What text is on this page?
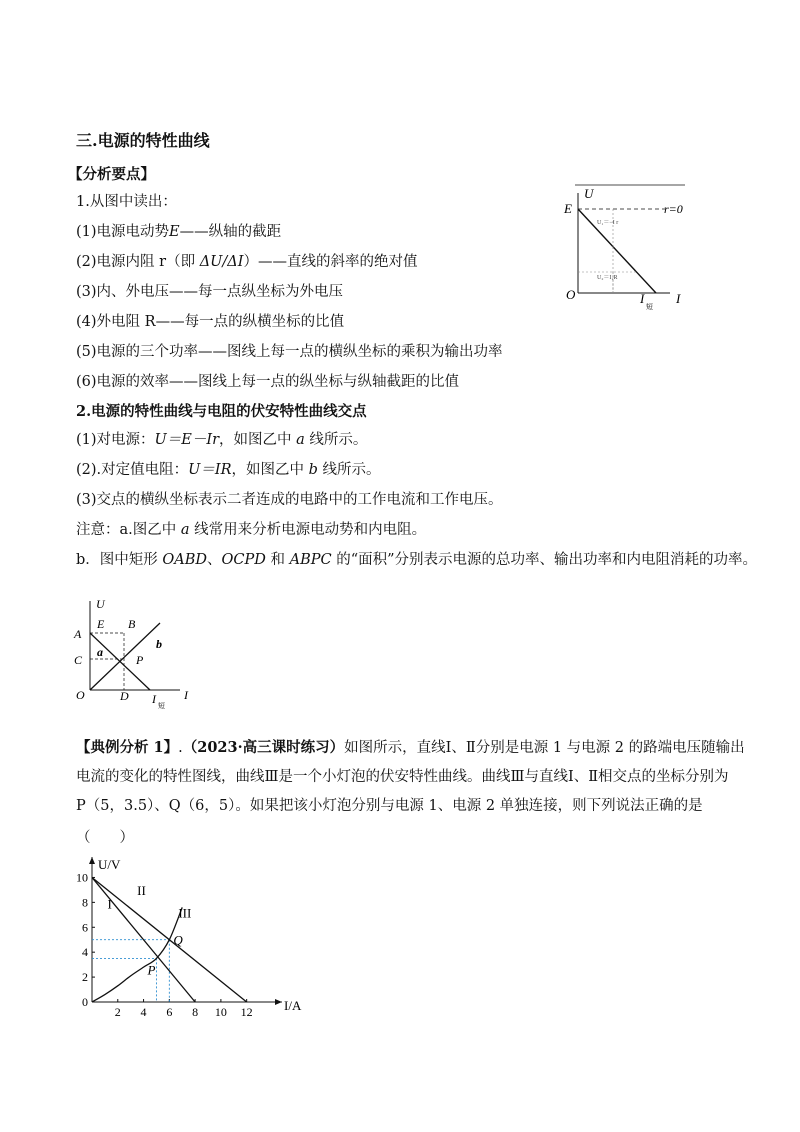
三.电源的特性曲线
【分析要点】
1.从图中读出：
(1)电源电动势E——纵轴的截距
(2)电源内阻 r（即 ΔU/ΔI）——直线的斜率的绝对值
(3)内、外电压——每一点纵坐标为外电压
(4)外电阻 R——每一点的纵横坐标的比值
(5)电源的三个功率——图线上每一点的横纵坐标的乘积为输出功率
(6)电源的效率——图线上每一点的纵坐标与纵轴截距的比值
U
E	r=0
U₁＝−I r
U₂＝I₁R
O	I
短
I
2.电源的特性曲线与电阻的伏安特性曲线交点
(1)对电源：U＝E－Ir，如图乙中 a 线所示。
(2).对定值电阻：U＝IR，如图乙中 b 线所示。
(3)交点的横纵坐标表示二者连成的电路中的工作电流和工作电压。
注意：a.图乙中 a 线常用来分析电源电动势和内电阻。
b．图中矩形 OABD、OCPD 和 ABPC 的“面积”分别表示电源的总功率、输出功率和内电阻消耗的功率。
U
A
E B
b
C
a
P
O	D I 短
I
【典例分析 1】.（2023·高三课时练习）如图所示，直线Ⅰ、Ⅱ分别是电源 1 与电源 2 的路端电压随输出
电流的变化的特性图线，曲线Ⅲ是一个小灯泡的伏安特性曲线。曲线Ⅲ与直线Ⅰ、Ⅱ相交点的坐标分别为
P（5，3.5）、Q（6，5）。如果把该小灯泡分别与电源 1、电源 2 单独连接，则下列说法正确的是
（　　）
2 4 6 8 10 12
0
2
4
6
8
10
U/V
I/A
I
II
III
P
Q
